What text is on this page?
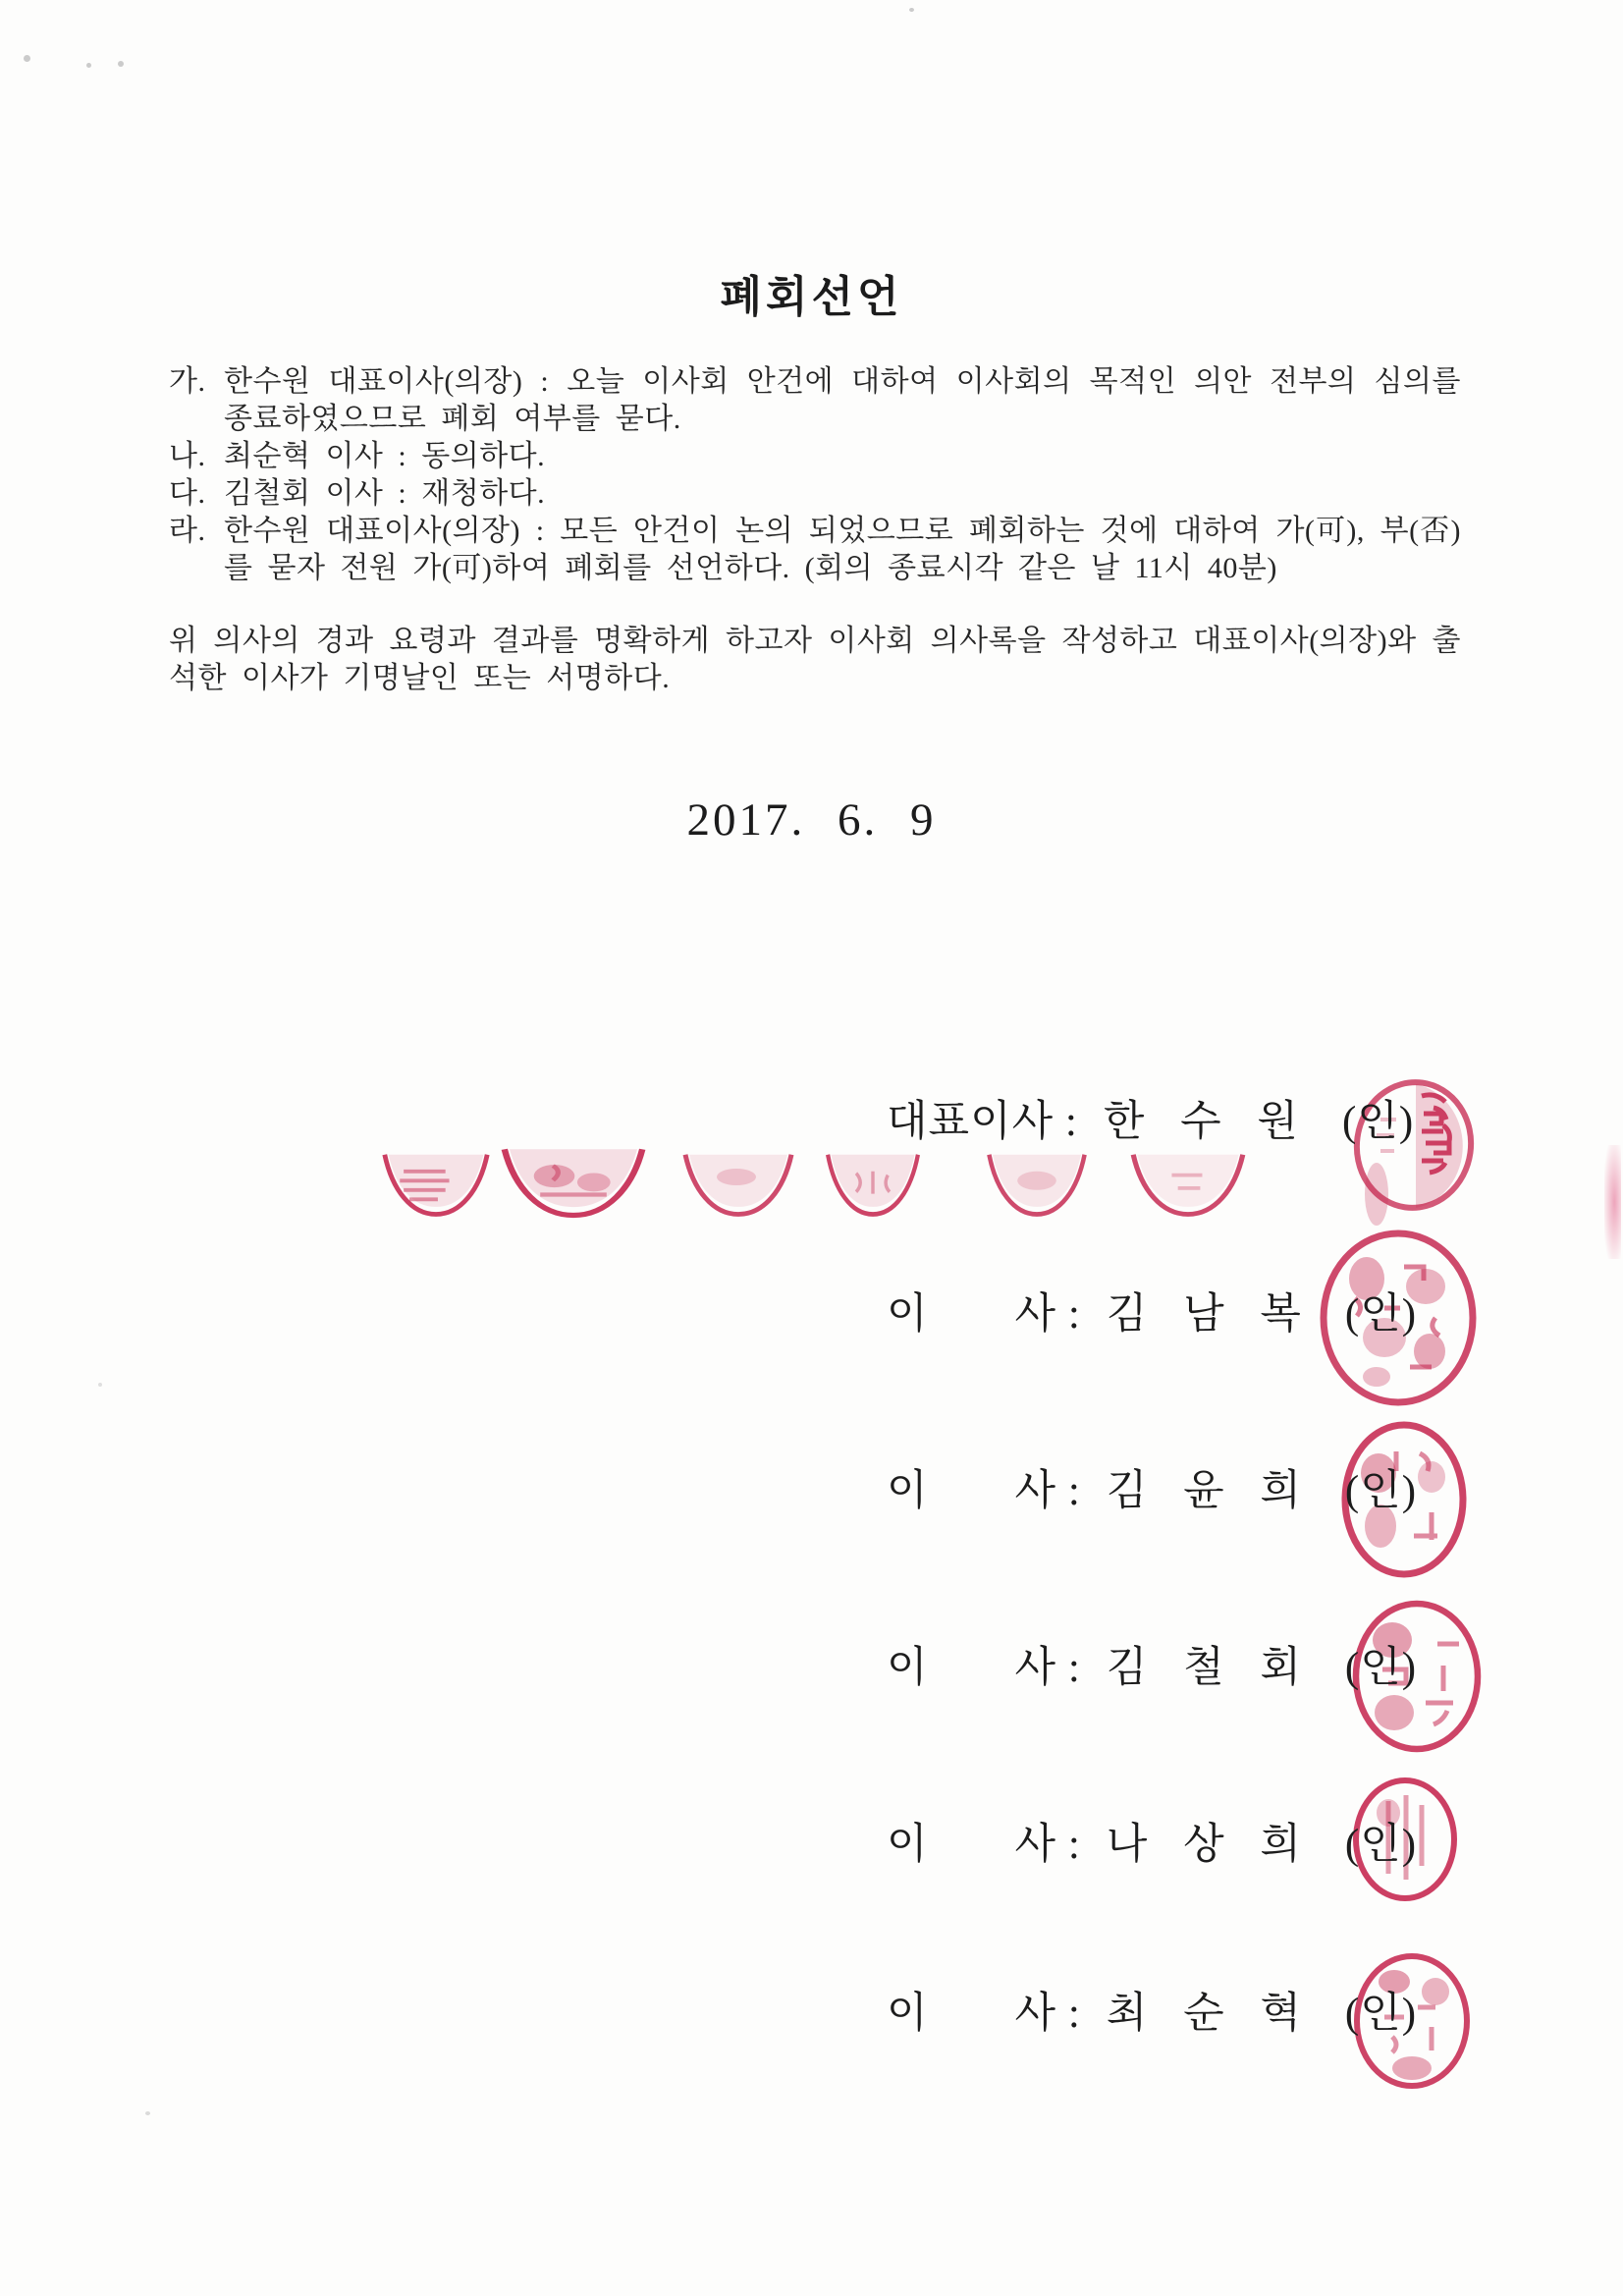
폐회선언
가. 한수원 대표이사(의장) : 오늘 이사회 안건에 대하여 이사회의 목적인 의안 전부의 심의를 종료하였으므로 폐회 여부를 묻다.
나. 최순혁 이사 : 동의하다.
다. 김철회 이사 : 재청하다.
라. 한수원 대표이사(의장) : 모든 안건이 논의 되었으므로 폐회하는 것에 대하여 가(可), 부(否)를 묻자 전원 가(可)하여 폐회를 선언하다. (회의 종료시각 같은 날 11시 40분)
위 의사의 경과 요령과 결과를 명확하게 하고자 이사회 의사록을 작성하고 대표이사(의장)와 출석한 이사가 기명날인 또는 서명하다.
2017. 6. 9
대표이사 : 한 수 원 (인)
이　　사 : 김 남 복 (인)
이　　사 : 김 윤 희 (인)
이　　사 : 김 철 회 (인)
이　　사 : 나 상 희 (인)
이　　사 : 최 순 혁 (인)
